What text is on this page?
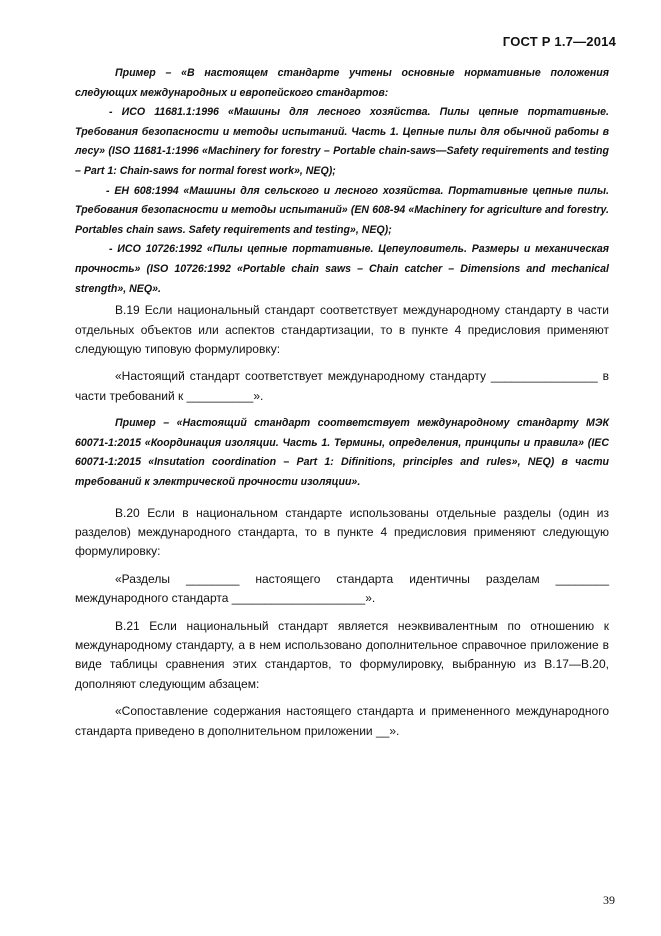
ГОСТ Р 1.7—2014

Пример – «В настоящем стандарте учтены основные нормативные положения следующих международных и европейского стандартов:

- ИСО 11681.1:1996 «Машины для лесного хозяйства. Пилы цепные портативные. Требования безопасности и методы испытаний. Часть 1. Цепные пилы для обычной работы в лесу» (ISO 11681-1:1996 «Machinery for forestry – Portable chain-saws—Safety requirements and testing – Part 1: Chain-saws for normal forest work», NEQ);

- EH 608:1994 «Машины для сельского и лесного хозяйства. Портативные цепные пилы. Требования безопасности и методы испытаний» (EN 608-94 «Machinery for agriculture and forestry. Portables chain saws. Safety requirements and testing», NEQ);

- ИСО 10726:1992 «Пилы цепные портативные. Цепеуловитель. Размеры и механическая прочность» (ISO 10726:1992 «Portable chain saws – Chain catcher – Dimensions and mechanical strength», NEQ».

В.19 Если национальный стандарт соответствует международному стандарту в части отдельных объектов или аспектов стандартизации, то в пункте 4 предисловия применяют следующую типовую формулировку:

«Настоящий стандарт соответствует международному стандарту ________________ в части требований к __________».

Пример – «Настоящий стандарт соответствует международному стандарту МЭК 60071-1:2015 «Координация изоляции. Часть 1. Термины, определения, принципы и правила» (IEC 60071-1:2015 «Insutation coordination – Part 1: Difinitions, principles and rules», NEQ) в части требований к электрической прочности изоляции».

В.20 Если в национальном стандарте использованы отдельные разделы (один из разделов) международного стандарта, то в пункте 4 предисловия применяют следующую формулировку:

«Разделы ________ настоящего стандарта идентичны разделам ________ международного стандарта ____________________».

В.21 Если национальный стандарт является неэквивалентным по отношению к международному стандарту, а в нем использовано дополнительное справочное приложение в виде таблицы сравнения этих стандартов, то формулировку, выбранную из В.17—В.20, дополняют следующим абзацем:

«Сопоставление содержания настоящего стандарта и примененного международного стандарта приведено в дополнительном приложении __».

39
